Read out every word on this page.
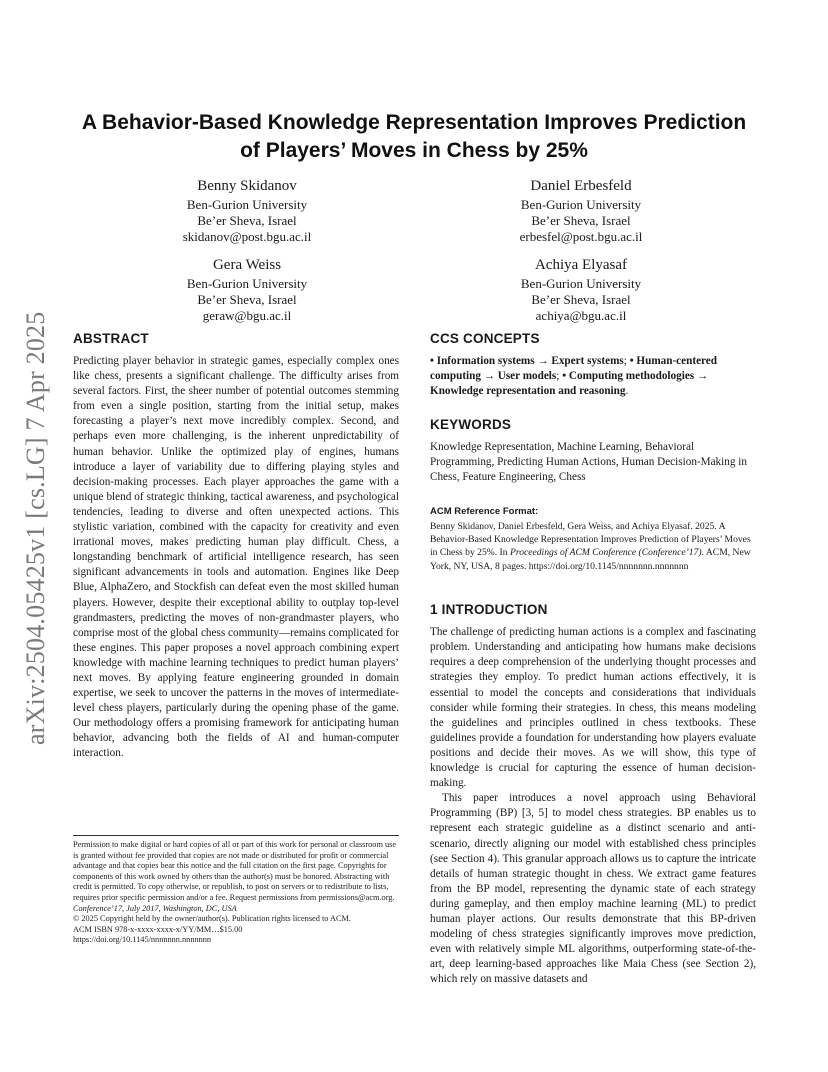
arXiv:2504.05425v1 [cs.LG] 7 Apr 2025
A Behavior-Based Knowledge Representation Improves Prediction of Players’ Moves in Chess by 25%
Benny Skidanov
Ben-Gurion University
Be’er Sheva, Israel
skidanov@post.bgu.ac.il
Daniel Erbesfeld
Ben-Gurion University
Be’er Sheva, Israel
erbesfel@post.bgu.ac.il
Gera Weiss
Ben-Gurion University
Be’er Sheva, Israel
geraw@bgu.ac.il
Achiya Elyasaf
Ben-Gurion University
Be’er Sheva, Israel
achiya@bgu.ac.il
ABSTRACT

Predicting player behavior in strategic games, especially complex ones like chess, presents a significant challenge. The difficulty arises from several factors. First, the sheer number of potential outcomes stemming from even a single position, starting from the initial setup, makes forecasting a player’s next move incredibly complex. Second, and perhaps even more challenging, is the inherent unpredictability of human behavior. Unlike the optimized play of engines, humans introduce a layer of variability due to differing playing styles and decision-making processes. Each player approaches the game with a unique blend of strategic thinking, tactical awareness, and psychological tendencies, leading to diverse and often unexpected actions. This stylistic variation, combined with the capacity for creativity and even irrational moves, makes predicting human play difficult. Chess, a longstanding benchmark of artificial intelligence research, has seen significant advancements in tools and automation. Engines like Deep Blue, AlphaZero, and Stockfish can defeat even the most skilled human players. However, despite their exceptional ability to outplay top-level grandmasters, predicting the moves of non-grandmaster players, who comprise most of the global chess community—remains complicated for these engines. This paper proposes a novel approach combining expert knowledge with machine learning techniques to predict human players’ next moves. By applying feature engineering grounded in domain expertise, we seek to uncover the patterns in the moves of intermediate-level chess players, particularly during the opening phase of the game. Our methodology offers a promising framework for anticipating human behavior, advancing both the fields of AI and human-computer interaction.

CCS CONCEPTS

• Information systems → Expert systems; • Human-centered computing → User models; • Computing methodologies → Knowledge representation and reasoning.

KEYWORDS

Knowledge Representation, Machine Learning, Behavioral Programming, Predicting Human Actions, Human Decision-Making in Chess, Feature Engineering, Chess

ACM Reference Format:

Benny Skidanov, Daniel Erbesfeld, Gera Weiss, and Achiya Elyasaf. 2025. A Behavior-Based Knowledge Representation Improves Prediction of Players’ Moves in Chess by 25%. In Proceedings of ACM Conference (Conference’17). ACM, New York, NY, USA, 8 pages. https://doi.org/10.1145/nnnnnnn.nnnnnnn

1 INTRODUCTION

The challenge of predicting human actions is a complex and fascinating problem. Understanding and anticipating how humans make decisions requires a deep comprehension of the underlying thought processes and strategies they employ. To predict human actions effectively, it is essential to model the concepts and considerations that individuals consider while forming their strategies. In chess, this means modeling the guidelines and principles outlined in chess textbooks. These guidelines provide a foundation for understanding how players evaluate positions and decide their moves. As we will show, this type of knowledge is crucial for capturing the essence of human decision-making.

This paper introduces a novel approach using Behavioral Programming (BP) [3, 5] to model chess strategies. BP enables us to represent each strategic guideline as a distinct scenario and anti-scenario, directly aligning our model with established chess principles (see Section 4). This granular approach allows us to capture the intricate details of human strategic thought in chess. We extract game features from the BP model, representing the dynamic state of each strategy during gameplay, and then employ machine learning (ML) to predict human player actions. Our results demonstrate that this BP-driven modeling of chess strategies significantly improves move prediction, even with relatively simple ML algorithms, outperforming state-of-the-art, deep learning-based approaches like Maia Chess (see Section 2), which rely on massive datasets and

Permission to make digital or hard copies of all or part of this work for personal or classroom use is granted without fee provided that copies are not made or distributed for profit or commercial advantage and that copies bear this notice and the full citation on the first page. Copyrights for components of this work owned by others than the author(s) must be honored. Abstracting with credit is permitted. To copy otherwise, or republish, to post on servers or to redistribute to lists, requires prior specific permission and/or a fee. Request permissions from permissions@acm.org.

Conference’17, July 2017, Washington, DC, USA

© 2025 Copyright held by the owner/author(s). Publication rights licensed to ACM.

ACM ISBN 978-x-xxxx-xxxx-x/YY/MM…$15.00

https://doi.org/10.1145/nnnnnnn.nnnnnnn
